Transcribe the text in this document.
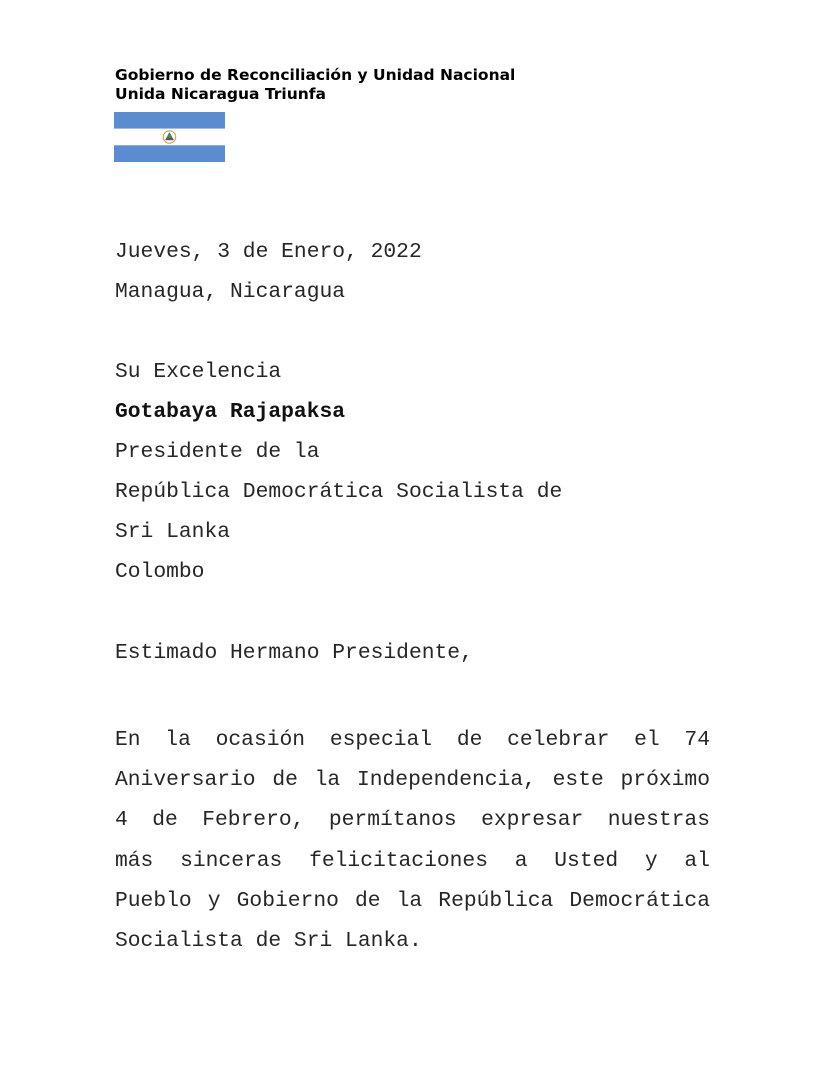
Gobierno de Reconciliación y Unidad Nacional
Unida Nicaragua Triunfa
Jueves, 3 de Enero, 2022
Managua, Nicaragua
Su Excelencia
Gotabaya Rajapaksa
Presidente de la
República Democrática Socialista de
Sri Lanka
Colombo
Estimado Hermano Presidente,
En la ocasión especial de celebrar el 74
Aniversario de la Independencia, este próximo
4 de Febrero, permítanos expresar nuestras
más sinceras felicitaciones a Usted y al
Pueblo y Gobierno de la República Democrática
Socialista de Sri Lanka.
